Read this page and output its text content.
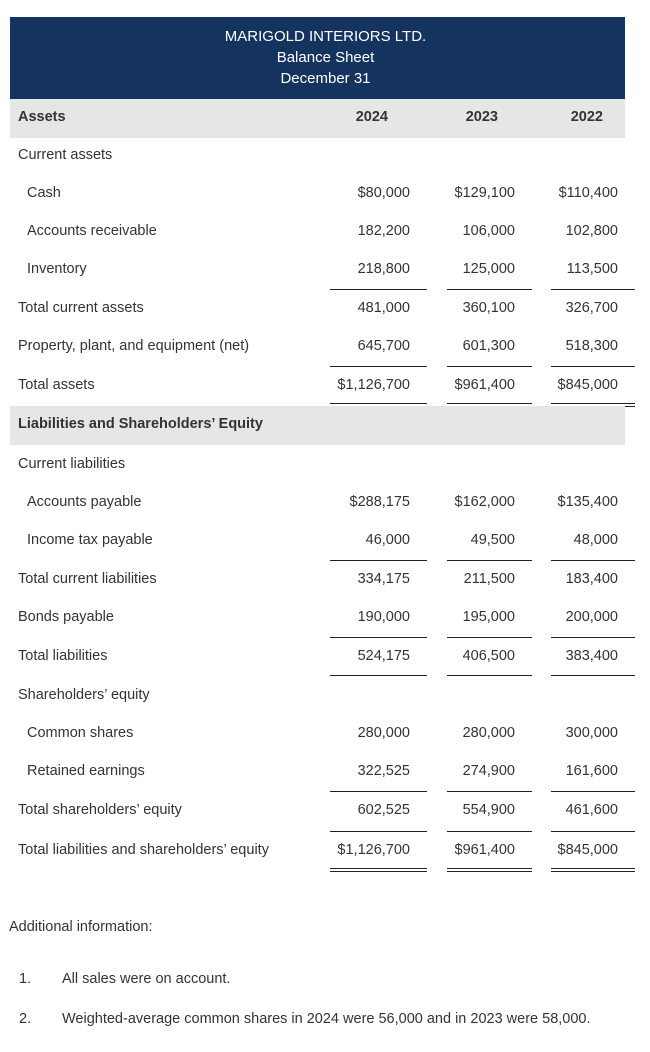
MARIGOLD INTERIORS LTD.
Balance Sheet
December 31
Assets	2024	2023	2022
Current assets
Cash	$80,000	$129,100	$110,400
Accounts receivable	182,200	106,000	102,800
Inventory	218,800	125,000	113,500
Total current assets	481,000	360,100	326,700
Property, plant, and equipment (net)	645,700	601,300	518,300
Total assets	$1,126,700	$961,400	$845,000
Current liabilities
Accounts payable	$288,175	$162,000	$135,400
Income tax payable	46,000	49,500	48,000
Total current liabilities	334,175	211,500	183,400
Bonds payable	190,000	195,000	200,000
Total liabilities	524,175	406,500	383,400
Shareholders’ equity
Common shares	280,000	280,000	300,000
Retained earnings	322,525	274,900	161,600
Total shareholders’ equity	602,525	554,900	461,600
Total liabilities and shareholders’ equity	$1,126,700	$961,400	$845,000
Liabilities and Shareholders’ Equity
Additional information:
1. All sales were on account.
2. Weighted-average common shares in 2024 were 56,000 and in 2023 were 58,000.
